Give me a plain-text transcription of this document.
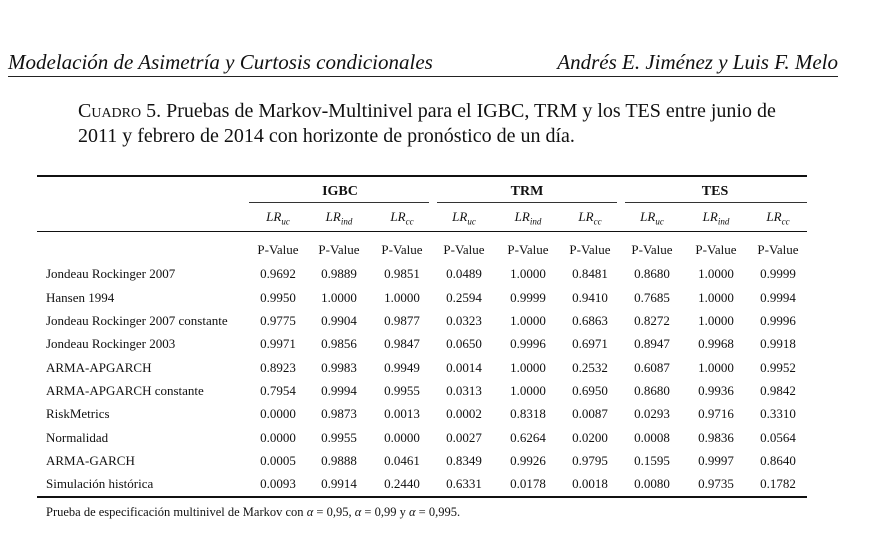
Modelación de Asimetría y Curtosis condicionales	Andrés E. Jiménez y Luis F. Melo
Cuadro 5. Pruebas de Markov-Multinivel para el IGBC, TRM y los TES entre junio de 2011 y febrero de 2014 con horizonte de pronóstico de un día.
IGBC	TRM	TES
$LR_{uc}$	$LR_{ind}$	$LR_{cc}$	$LR_{uc}$	$LR_{ind}$	$LR_{cc}$	$LR_{uc}$	$LR_{ind}$	$LR_{cc}$
P-Value	P-Value	P-Value	P-Value	P-Value	P-Value	P-Value	P-Value	P-Value
Jondeau Rockinger 2007	0.9692	0.9889	0.9851	0.0489	1.0000	0.8481	0.8680	1.0000	0.9999
Hansen 1994	0.9950	1.0000	1.0000	0.2594	0.9999	0.9410	0.7685	1.0000	0.9994
Jondeau Rockinger 2007 constante	0.9775	0.9904	0.9877	0.0323	1.0000	0.6863	0.8272	1.0000	0.9996
Jondeau Rockinger 2003	0.9971	0.9856	0.9847	0.0650	0.9996	0.6971	0.8947	0.9968	0.9918
ARMA-APGARCH	0.8923	0.9983	0.9949	0.0014	1.0000	0.2532	0.6087	1.0000	0.9952
ARMA-APGARCH constante	0.7954	0.9994	0.9955	0.0313	1.0000	0.6950	0.8680	0.9936	0.9842
RiskMetrics	0.0000	0.9873	0.0013	0.0002	0.8318	0.0087	0.0293	0.9716	0.3310
Normalidad	0.0000	0.9955	0.0000	0.0027	0.6264	0.0200	0.0008	0.9836	0.0564
ARMA-GARCH	0.0005	0.9888	0.0461	0.8349	0.9926	0.9795	0.1595	0.9997	0.8640
Simulación histórica	0.0093	0.9914	0.2440	0.6331	0.0178	0.0018	0.0080	0.9735	0.1782
Prueba de especificación multinivel de Markov con α = 0,95, α = 0,99 y α = 0,995.
